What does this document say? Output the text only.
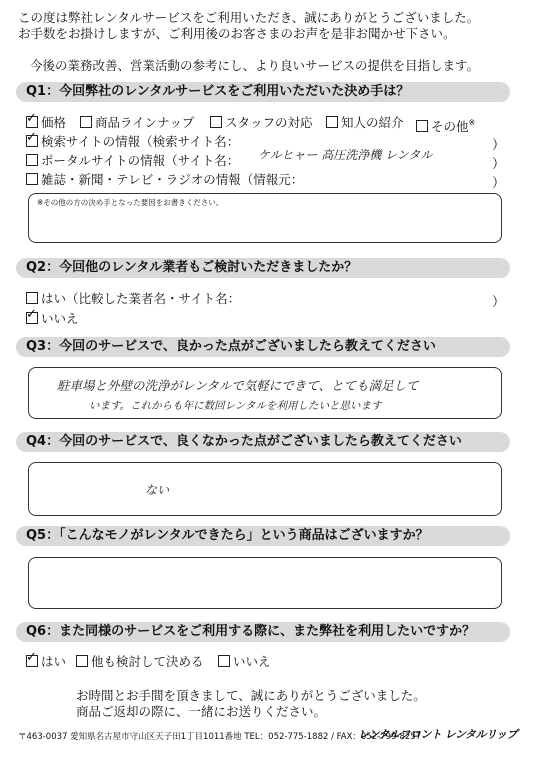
この度は弊社レンタルサービスをご利用いただき、誠にありがとうございました。
お手数をお掛けしますが、ご利用後のお客さまのお声を是非お聞かせ下さい。
今後の業務改善、営業活動の参考にし、より良いサービスの提供を目指します。
Q1：今回弊社のレンタルサービスをご利用いただいた決め手は？
✓ 価格	商品ラインナップ	スタッフの対応	知人の紹介	その他※
✓ 検索サイトの情報（検索サイト名：
ケルヒャー 高圧洗浄機 レンタル
）
ポータルサイトの情報（サイト名：	）
雑誌・新聞・テレビ・ラジオの情報（情報元：	）
※その他の方の決め手となった要因をお書きください。
Q2：今回他のレンタル業者もご検討いただきましたか？
はい（比較した業者名・サイト名：	）
✓ いいえ
Q3：今回のサービスで、良かった点がございましたら教えてください
駐車場と外壁の洗浄がレンタルで気軽にできて、とても満足して
います。これからも年に数回レンタルを利用したいと思います
Q4：今回のサービスで、良くなかった点がございましたら教えてください
ない
Q5：「こんなモノがレンタルできたら」という商品はございますか？
Q6：また同様のサービスをご利用する際に、また弊社を利用したいですか？
✓ はい	他も検討して決める	いいえ
お時間とお手間を頂きまして、誠にありがとうございました。
商品ご返却の際に、一緒にお送りください。
〒463-0037 愛知県名古屋市守山区天子田1丁目1011番地 TEL：052-775-1882 / FAX：052-799-8257
レンタルフロント レンタルリップ
